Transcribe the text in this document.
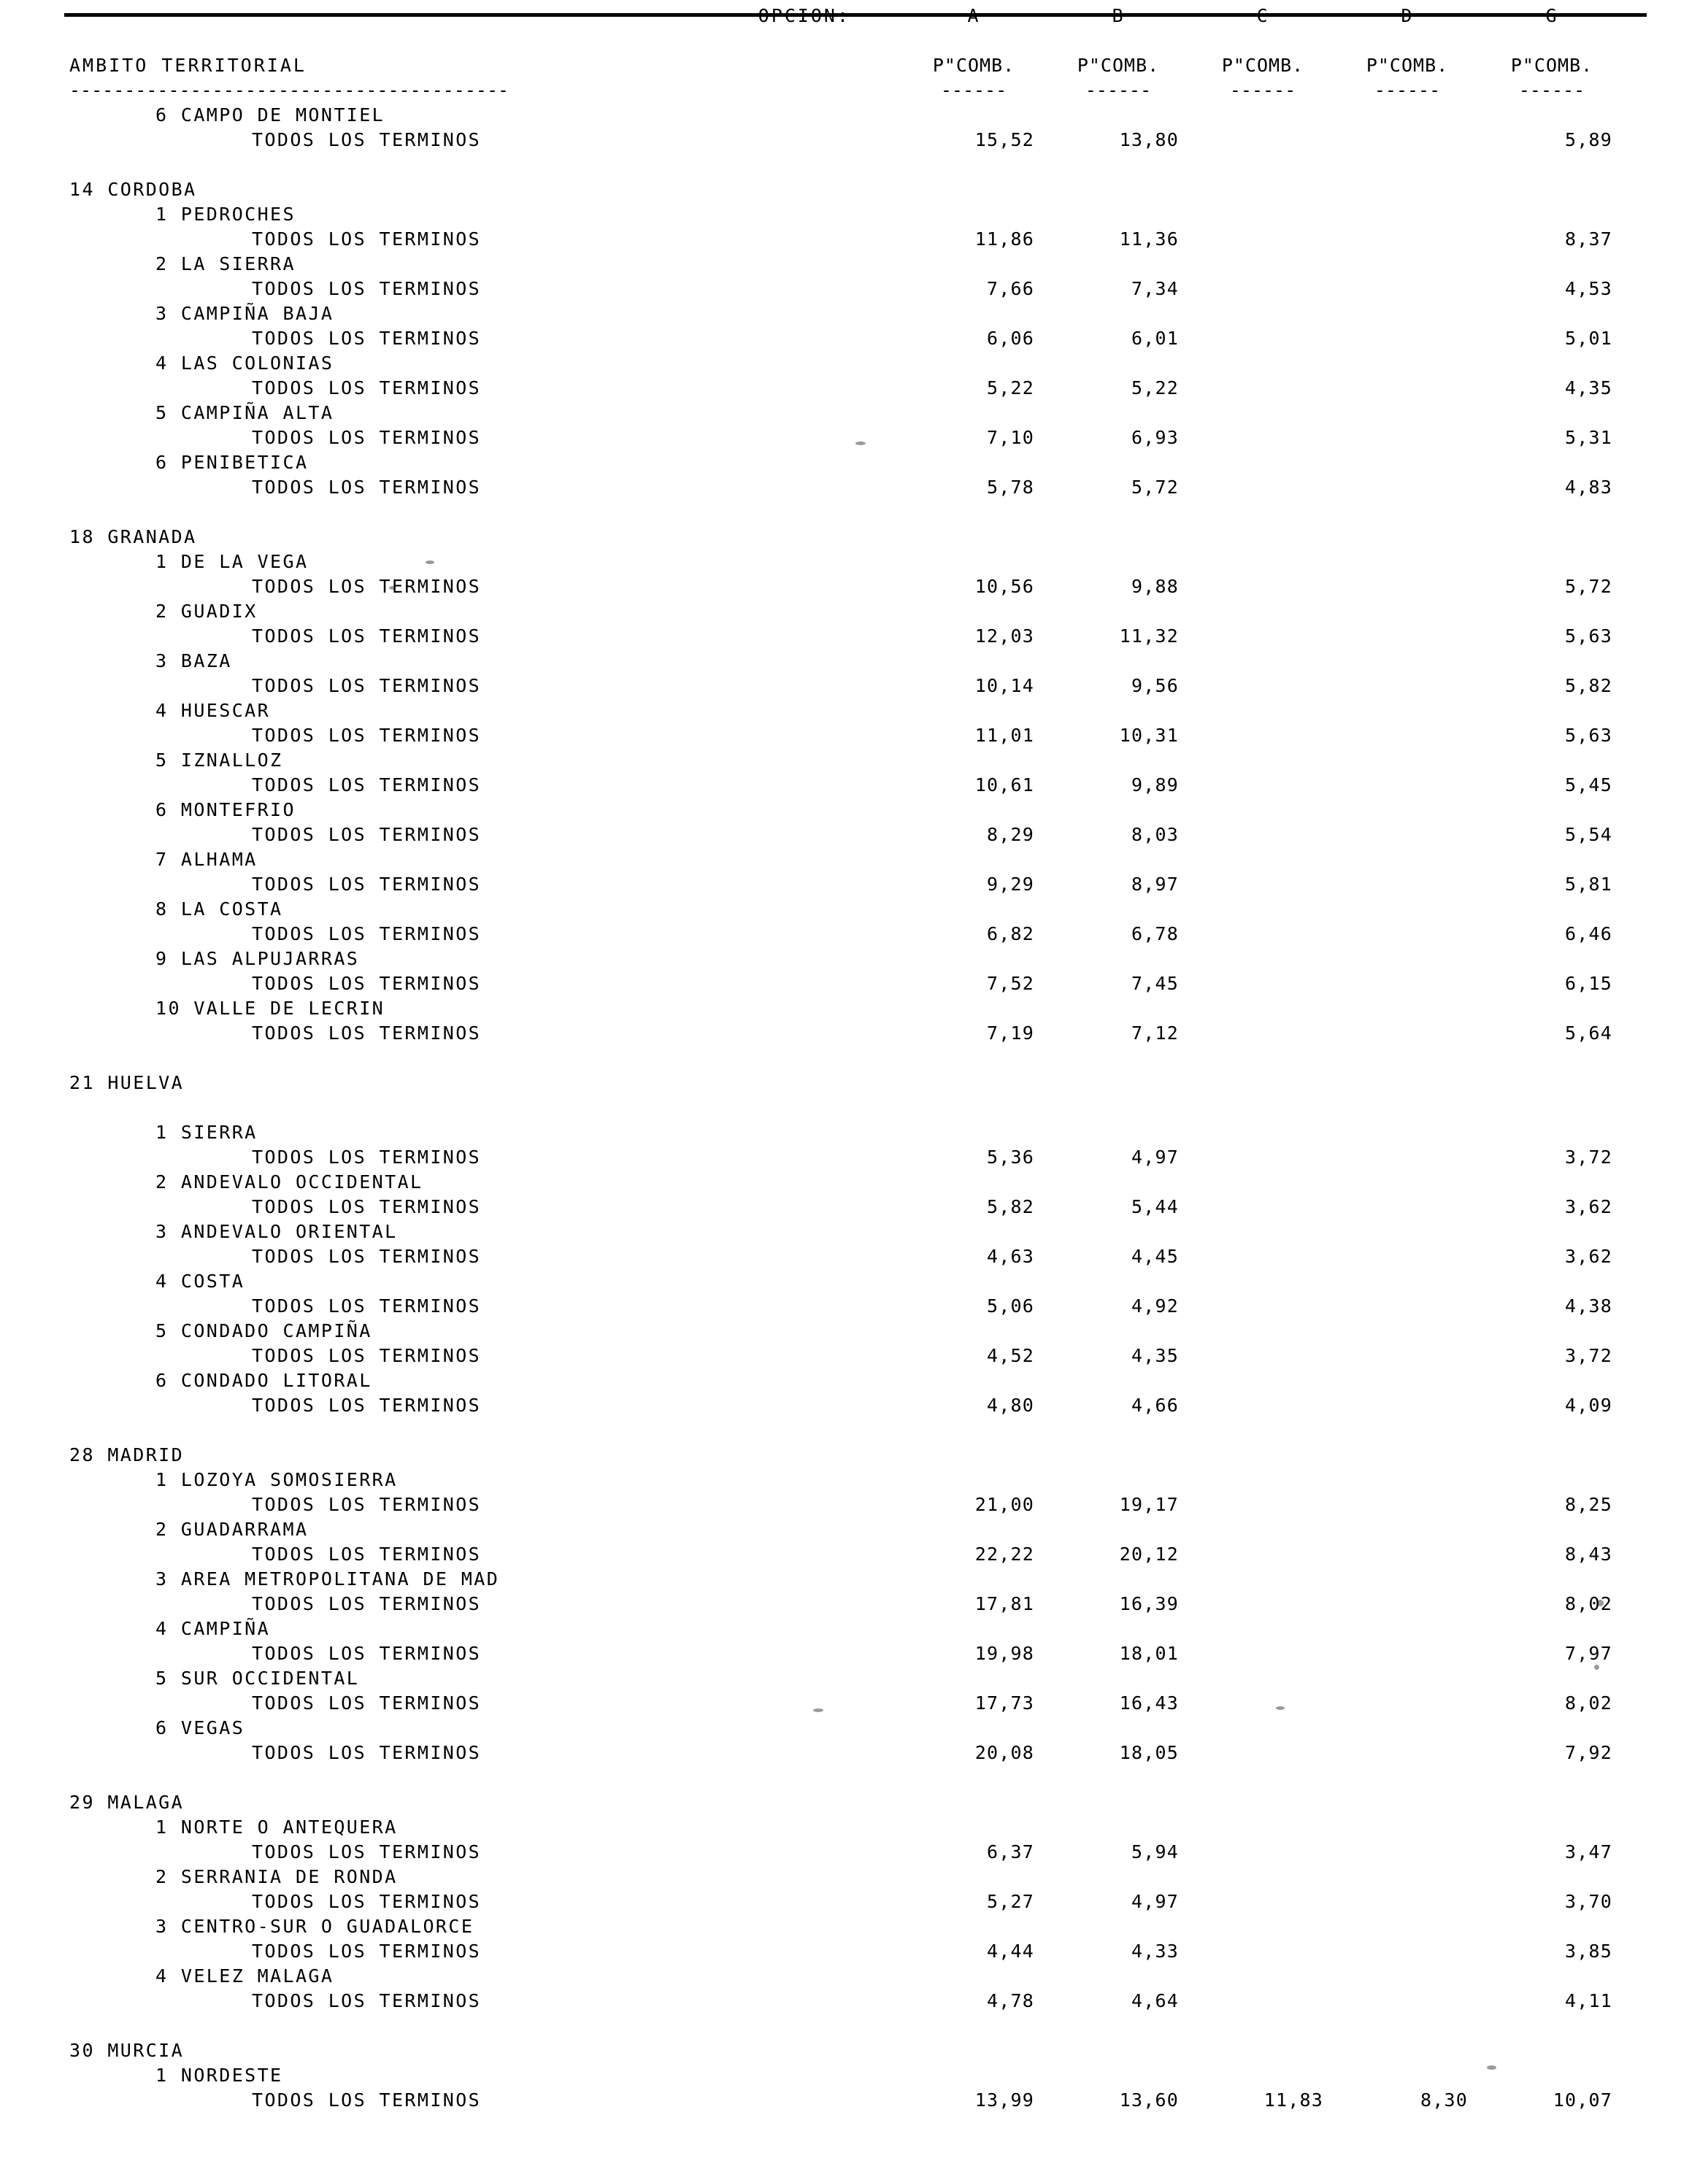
OPCION:	A	B	C	D	G	

AMBITO TERRITORIAL	P"COMB.	P"COMB.	P"COMB.	P"COMB.	P"COMB.	
----------------------------------------	------	------	------	------	------	
6 CAMPO DE MONTIEL						
TODOS LOS TERMINOS	15,52	13,80			5,89	

14 CORDOBA						
1 PEDROCHES						
TODOS LOS TERMINOS	11,86	11,36			8,37	
2 LA SIERRA						
TODOS LOS TERMINOS	7,66	7,34			4,53	
3 CAMPIÑA BAJA						
TODOS LOS TERMINOS	6,06	6,01			5,01	
4 LAS COLONIAS						
TODOS LOS TERMINOS	5,22	5,22			4,35	
5 CAMPIÑA ALTA						
TODOS LOS TERMINOS	7,10	6,93			5,31	
6 PENIBETICA						
TODOS LOS TERMINOS	5,78	5,72			4,83	

18 GRANADA						
1 DE LA VEGA						
TODOS LOS TERMINOS	10,56	9,88			5,72	
2 GUADIX						
TODOS LOS TERMINOS	12,03	11,32			5,63	
3 BAZA						
TODOS LOS TERMINOS	10,14	9,56			5,82	
4 HUESCAR						
TODOS LOS TERMINOS	11,01	10,31			5,63	
5 IZNALLOZ						
TODOS LOS TERMINOS	10,61	9,89			5,45	
6 MONTEFRIO						
TODOS LOS TERMINOS	8,29	8,03			5,54	
7 ALHAMA						
TODOS LOS TERMINOS	9,29	8,97			5,81	
8 LA COSTA						
TODOS LOS TERMINOS	6,82	6,78			6,46	
9 LAS ALPUJARRAS						
TODOS LOS TERMINOS	7,52	7,45			6,15	
10 VALLE DE LECRIN						
TODOS LOS TERMINOS	7,19	7,12			5,64	

21 HUELVA						

1 SIERRA						
TODOS LOS TERMINOS	5,36	4,97			3,72	
2 ANDEVALO OCCIDENTAL						
TODOS LOS TERMINOS	5,82	5,44			3,62	
3 ANDEVALO ORIENTAL						
TODOS LOS TERMINOS	4,63	4,45			3,62	
4 COSTA						
TODOS LOS TERMINOS	5,06	4,92			4,38	
5 CONDADO CAMPIÑA						
TODOS LOS TERMINOS	4,52	4,35			3,72	
6 CONDADO LITORAL						
TODOS LOS TERMINOS	4,80	4,66			4,09	

28 MADRID						
1 LOZOYA SOMOSIERRA						
TODOS LOS TERMINOS	21,00	19,17			8,25	
2 GUADARRAMA						
TODOS LOS TERMINOS	22,22	20,12			8,43	
3 AREA METROPOLITANA DE MAD						
TODOS LOS TERMINOS	17,81	16,39			8,02	
4 CAMPIÑA						
TODOS LOS TERMINOS	19,98	18,01			7,97	
5 SUR OCCIDENTAL						
TODOS LOS TERMINOS	17,73	16,43			8,02	
6 VEGAS						
TODOS LOS TERMINOS	20,08	18,05			7,92	

29 MALAGA						
1 NORTE O ANTEQUERA						
TODOS LOS TERMINOS	6,37	5,94			3,47	
2 SERRANIA DE RONDA						
TODOS LOS TERMINOS	5,27	4,97			3,70	
3 CENTRO-SUR O GUADALORCE						
TODOS LOS TERMINOS	4,44	4,33			3,85	
4 VELEZ MALAGA						
TODOS LOS TERMINOS	4,78	4,64			4,11	

30 MURCIA						
1 NORDESTE						
TODOS LOS TERMINOS	13,99	13,60	11,83	8,30	10,07	
